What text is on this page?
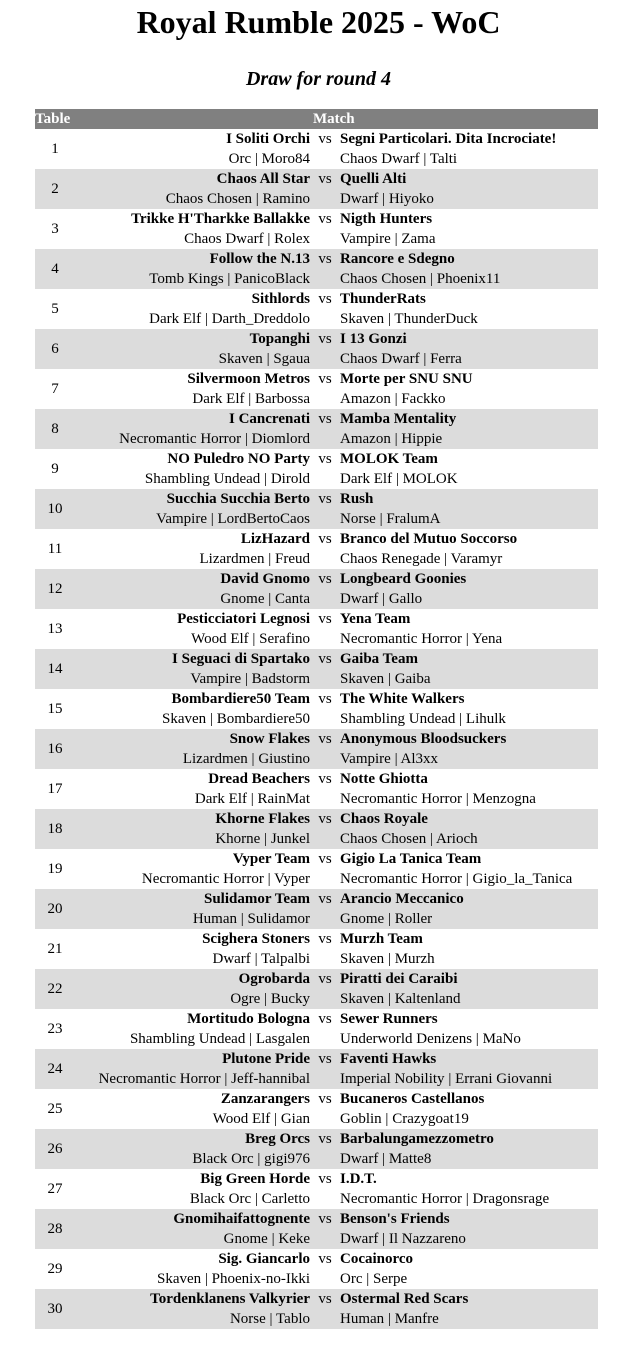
Royal Rumble 2025 - WoC
Draw for round 4
Table	Match		
1	I Soliti Orchi
Orc | Moro84	vs	Segni Particolari. Dita Incrociate!
Chaos Dwarf | Talti

2	Chaos All Star
Chaos Chosen | Ramino	vs	Quelli Alti
Dwarf | Hiyoko

3	Trikke H'Tharkke Ballakke
Chaos Dwarf | Rolex	vs	Nigth Hunters
Vampire | Zama

4	Follow the N.13
Tomb Kings | PanicoBlack	vs	Rancore e Sdegno
Chaos Chosen | Phoenix11

5	Sithlords
Dark Elf | Darth_Dreddolo	vs	ThunderRats
Skaven | ThunderDuck

6	Topanghi
Skaven | Sgaua	vs	I 13 Gonzi
Chaos Dwarf | Ferra

7	Silvermoon Metros
Dark Elf | Barbossa	vs	Morte per SNU SNU
Amazon | Fackko

8	I Cancrenati
Necromantic Horror | Diomlord	vs	Mamba Mentality
Amazon | Hippie

9	NO Puledro NO Party
Shambling Undead | Dirold	vs	MOLOK Team
Dark Elf | MOLOK

10	Succhia Succhia Berto
Vampire | LordBertoCaos	vs	Rush
Norse | FralumA

11	LizHazard
Lizardmen | Freud	vs	Branco del Mutuo Soccorso
Chaos Renegade | Varamyr

12	David Gnomo
Gnome | Canta	vs	Longbeard Goonies
Dwarf | Gallo

13	Pesticciatori Legnosi
Wood Elf | Serafino	vs	Yena Team
Necromantic Horror | Yena

14	I Seguaci di Spartako
Vampire | Badstorm	vs	Gaiba Team
Skaven | Gaiba

15	Bombardiere50 Team
Skaven | Bombardiere50	vs	The White Walkers
Shambling Undead | Lihulk

16	Snow Flakes
Lizardmen | Giustino	vs	Anonymous Bloodsuckers
Vampire | Al3xx

17	Dread Beachers
Dark Elf | RainMat	vs	Notte Ghiotta
Necromantic Horror | Menzogna

18	Khorne Flakes
Khorne | Junkel	vs	Chaos Royale
Chaos Chosen | Arioch

19	Vyper Team
Necromantic Horror | Vyper	vs	Gigio La Tanica Team
Necromantic Horror | Gigio_la_Tanica

20	Sulidamor Team
Human | Sulidamor	vs	Arancio Meccanico
Gnome | Roller

21	Scighera Stoners
Dwarf | Talpalbi	vs	Murzh Team
Skaven | Murzh

22	Ogrobarda
Ogre | Bucky	vs	Piratti dei Caraibi
Skaven | Kaltenland

23	Mortitudo Bologna
Shambling Undead | Lasgalen	vs	Sewer Runners
Underworld Denizens | MaNo

24	Plutone Pride
Necromantic Horror | Jeff-hannibal	vs	Faventi Hawks
Imperial Nobility | Errani Giovanni

25	Zanzarangers
Wood Elf | Gian	vs	Bucaneros Castellanos
Goblin | Crazygoat19

26	Breg Orcs
Black Orc | gigi976	vs	Barbalungamezzometro
Dwarf | Matte8

27	Big Green Horde
Black Orc | Carletto	vs	I.D.T.
Necromantic Horror | Dragonsrage

28	Gnomihaifattognente
Gnome | Keke	vs	Benson's Friends
Dwarf | Il Nazzareno

29	Sig. Giancarlo
Skaven | Phoenix-no-Ikki	vs	Cocainorco
Orc | Serpe

30	Tordenklanens Valkyrier
Norse | Tablo	vs	Ostermal Red Scars
Human | Manfre
